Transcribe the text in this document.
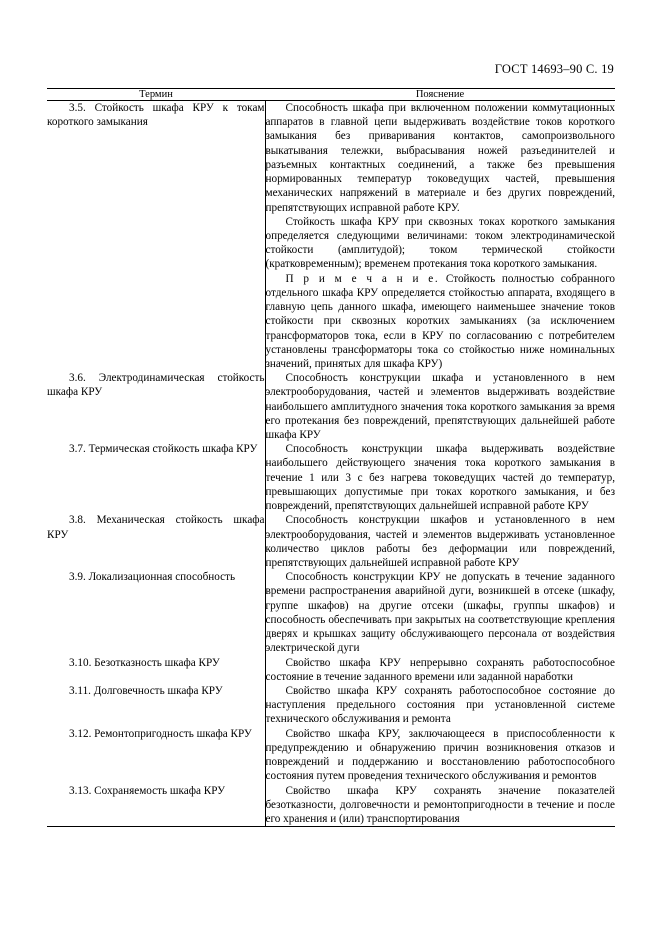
ГОСТ 14693–90 С. 19
Термин	Пояснение

3.5. Стойкость шкафа КРУ к токам короткого замыкания	Способность шкафа при включенном положении коммутационных аппаратов в главной цепи выдерживать воздействие токов короткого замыкания без приваривания контактов, самопроизвольного выкатывания тележки, выбрасывания ножей разъединителей и разъемных контактных соединений, а также без превышения нормированных температур токоведущих частей, превышения механических напряжений в материале и без других повреждений, препятствующих исправной работе КРУ.

Стойкость шкафа КРУ при сквозных токах короткого замыкания определяется следующими величинами: током электродинамической стойкости (амплитудой); током термической стойкости (кратковременным); временем протекания тока короткого замыкания.

П р и м е ч а н и е. Стойкость полностью собранного отдельного шкафа КРУ определяется стойкостью аппарата, входящего в главную цепь данного шкафа, имеющего наименьшее значение токов стойкости при сквозных коротких замыканиях (за исключением трансформаторов тока, если в КРУ по согласованию с потребителем установлены трансформаторы тока со стойкостью ниже номинальных значений, принятых для шкафа КРУ)

3.6. Электродинамическая стойкость шкафа КРУ	Способность конструкции шкафа и установленного в нем электрооборудования, частей и элементов выдерживать воздействие наибольшего амплитудного значения тока короткого замыкания за время его протекания без повреждений, препятствующих дальнейшей работе шкафа КРУ

3.7. Термическая стойкость шкафа КРУ	Способность конструкции шкафа выдерживать воздействие наибольшего действующего значения тока короткого замыкания в течение 1 или 3 с без нагрева токоведущих частей до температур, превышающих допустимые при токах короткого замыкания, и без повреждений, препятствующих дальнейшей исправной работе КРУ

3.8. Механическая стойкость шкафа КРУ	Способность конструкции шкафов и установленного в нем электрооборудования, частей и элементов выдерживать установленное количество циклов работы без деформации или повреждений, препятствующих дальнейшей исправной работе КРУ

3.9. Локализационная способность	Способность конструкции КРУ не допускать в течение заданного времени распространения аварийной дуги, возникшей в отсеке (шкафу, группе шкафов) на другие отсеки (шкафы, группы шкафов) и способность обеспечивать при закрытых на соответствующие крепления дверях и крышках защиту обслуживающего персонала от воздействия электрической дуги

3.10. Безотказность шкафа КРУ	Свойство шкафа КРУ непрерывно сохранять работоспособное состояние в течение заданного времени или заданной наработки

3.11. Долговечность шкафа КРУ	Свойство шкафа КРУ сохранять работоспособное состояние до наступления предельного состояния при установленной системе технического обслуживания и ремонта

3.12. Ремонтопригодность шкафа КРУ	Свойство шкафа КРУ, заключающееся в приспособленности к предупреждению и обнаружению причин возникновения отказов и повреждений и поддержанию и восстановлению работоспособного состояния путем проведения технического обслуживания и ремонтов

3.13. Сохраняемость шкафа КРУ	Свойство шкафа КРУ сохранять значение показателей безотказности, долговечности и ремонтопригодности в течение и после его хранения и (или) транспортирования
